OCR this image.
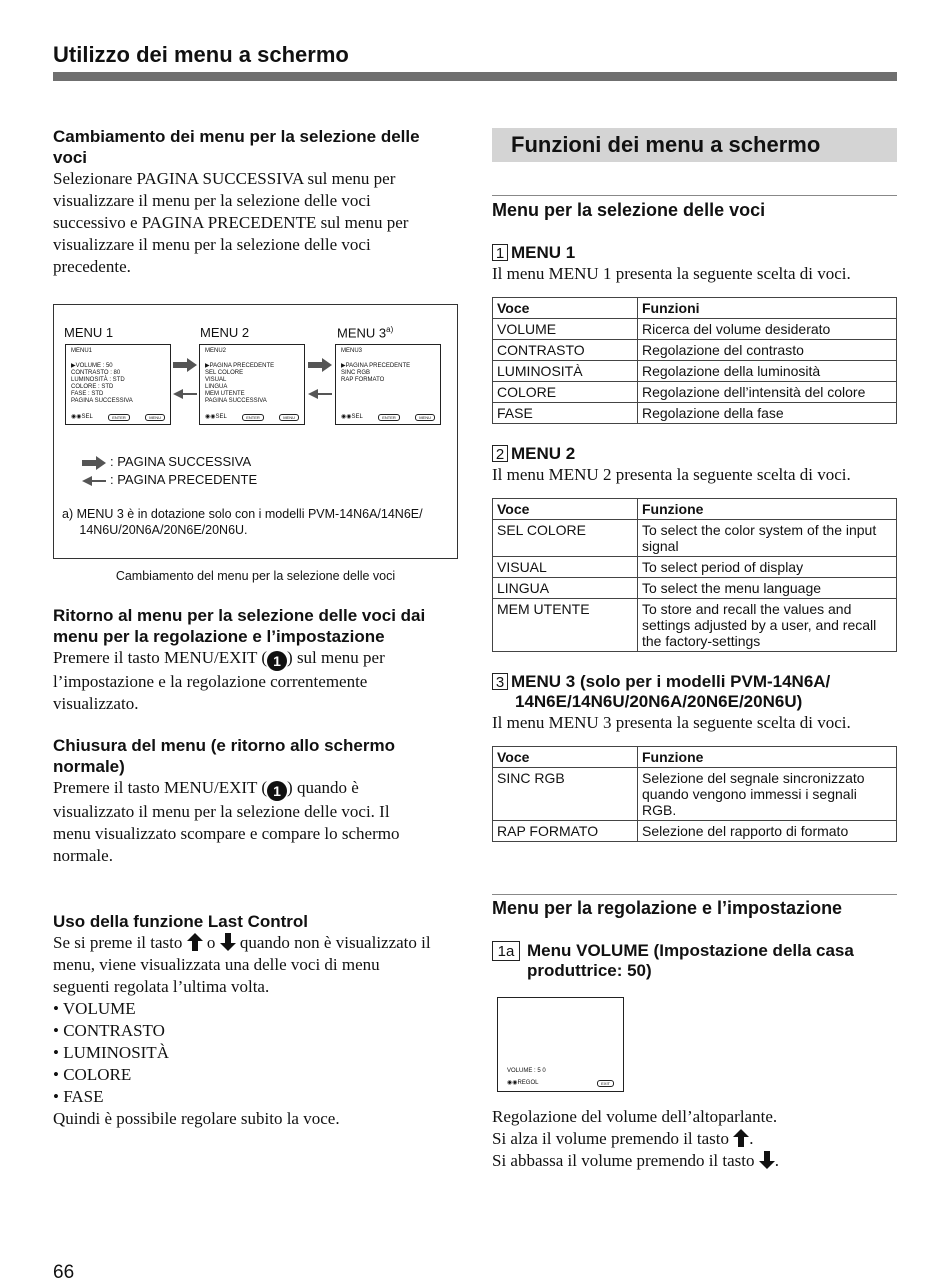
Utilizzo dei menu a schermo
Cambiamento dei menu per la selezione delle voci

Selezionare PAGINA SUCCESSIVA sul menu per

visualizzare il menu per la selezione delle voci

successivo e PAGINA PRECEDENTE sul menu per

visualizzare il menu per la selezione delle voci

precedente.

MENU 1	MENU 2	MENU 3$^{a)}$
MENU1
▶VOLUME : 50
CONTRASTO : 80
LUMINOSITÀ : STD
COLORE : STD
FASE : STD
PAGINA SUCCESSIVA
◉◉SEL	ENTER	MENU
MENU2
▶PAGINA PRECEDENTE
SEL COLORE
VISUAL
LINGUA
MEM UTENTE
PAGINA SUCCESSIVA
◉◉SEL	ENTER	MENU
MENU3
▶PAGINA PRECEDENTE
SINC RGB
RAP FORMATO
◉◉SEL	ENTER	MENU
: PAGINA SUCCESSIVA
: PAGINA PRECEDENTE
a) MENU 3 è in dotazione solo con i modelli PVM-14N6A/14N6E/
14N6U/20N6A/20N6E/20N6U.
Cambiamento del menu per la selezione delle voci
Ritorno al menu per la selezione delle voci dai
menu per la regolazione e l’impostazione

Premere il tasto MENU/EXIT ( 1 ) sul menu per

l’impostazione e la regolazione correntemente

visualizzato.

Chiusura del menu (e ritorno allo schermo
normale)

Premere il tasto MENU/EXIT ( 1 ) quando è

visualizzato il menu per la selezione delle voci. Il

menu visualizzato scompare e compare lo schermo

normale.

Uso della funzione Last Control

Se si preme il tasto  o  quando non è visualizzato il

menu, viene visualizzata una delle voci di menu

seguenti regolata l’ultima volta.

• VOLUME
• CONTRASTO
• LUMINOSITÀ
• COLORE
• FASE

Quindi è possibile regolare subito la voce.

Funzioni dei menu a schermo
Menu per la selezione delle voci
1 MENU 1

Il menu MENU 1 presenta la seguente scelta di voci.

Voce	Funzioni
VOLUME	Ricerca del volume desiderato
CONTRASTO	Regolazione del contrasto
LUMINOSITÀ	Regolazione della luminosità
COLORE	Regolazione dell’intensità del colore
FASE	Regolazione della fase
2 MENU 2

Il menu MENU 2 presenta la seguente scelta di voci.

Voce	Funzione
SEL COLORE	To select the color system of the input signal
VISUAL	To select period of display
LINGUA	To select the menu language
MEM UTENTE	To store and recall the values and settings adjusted by a user, and recall the factory-settings
3 MENU 3 (solo per i modelli PVM-14N6A/
14N6E/14N6U/20N6A/20N6E/20N6U)

Il menu MENU 3 presenta la seguente scelta di voci.

Voce	Funzione
SINC RGB	Selezione del segnale sincronizzato quando vengono immessi i segnali RGB.
RAP FORMATO	Selezione del rapporto di formato
Menu per la regolazione e l’impostazione
1a Menu VOLUME (Impostazione della casa
produttrice: 50)
VOLUME : 5 0
◉◉REGOL	EXIT

Regolazione del volume dell’altoparlante.

Si alza il volume premendo il tasto .

Si abbassa il volume premendo il tasto .

66
